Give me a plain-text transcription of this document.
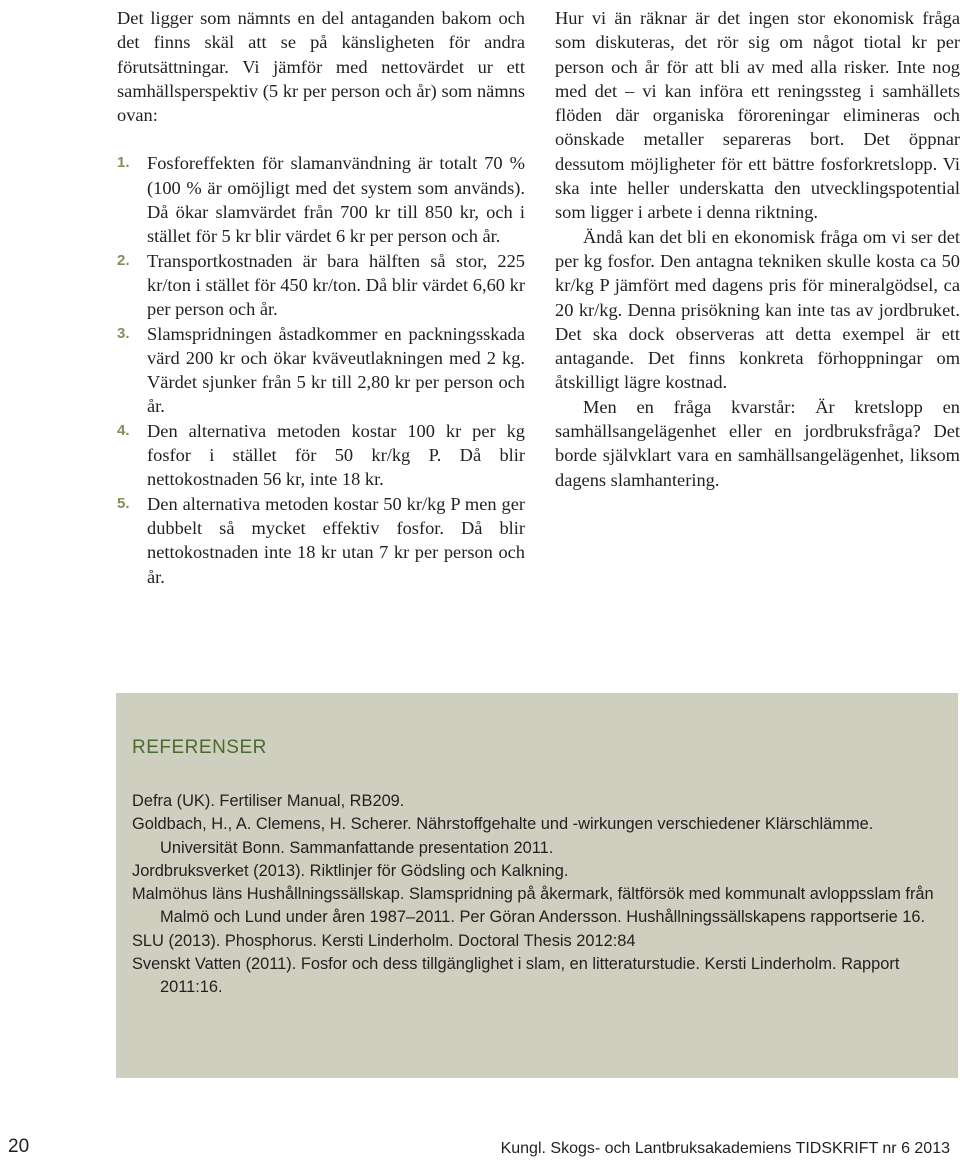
Det ligger som nämnts en del antaganden bakom och det finns skäl att se på känsligheten för andra förutsättningar. Vi jämför med nettovärdet ur ett samhällsperspektiv (5 kr per person och år) som nämns ovan:

1. Fosforeffekten för slamanvändning är totalt 70 % (100 % är omöjligt med det system som används). Då ökar slamvärdet från 700 kr till 850 kr, och i stället för 5 kr blir värdet 6 kr per person och år.
2. Transportkostnaden är bara hälften så stor, 225 kr/ton i stället för 450 kr/ton. Då blir värdet 6,60 kr per person och år.
3. Slamspridningen åstadkommer en packningsskada värd 200 kr och ökar kväveutlakningen med 2 kg. Värdet sjunker från 5 kr till 2,80 kr per person och år.
4. Den alternativa metoden kostar 100 kr per kg fosfor i stället för 50 kr/kg P. Då blir nettokostnaden 56 kr, inte 18 kr.
5. Den alternativa metoden kostar 50 kr/kg P men ger dubbelt så mycket effektiv fosfor. Då blir nettokostnaden inte 18 kr utan 7 kr per person och år.

Hur vi än räknar är det ingen stor ekonomisk fråga som diskuteras, det rör sig om något tiotal kr per person och år för att bli av med alla risker. Inte nog med det – vi kan införa ett reningssteg i samhällets flöden där organiska föroreningar elimineras och oönskade metaller separeras bort. Det öppnar dessutom möjligheter för ett bättre fosforkretslopp. Vi ska inte heller underskatta den utvecklingspotential som ligger i arbete i denna riktning.

Ändå kan det bli en ekonomisk fråga om vi ser det per kg fosfor. Den antagna tekniken skulle kosta ca 50 kr/kg P jämfört med dagens pris för mineralgödsel, ca 20 kr/kg. Denna prisökning kan inte tas av jordbruket. Det ska dock observeras att detta exempel är ett antagande. Det finns konkreta förhoppningar om åtskilligt lägre kostnad.

Men en fråga kvarstår: Är kretslopp en samhällsangelägenhet eller en jordbruksfråga? Det borde självklart vara en samhällsangelägenhet, liksom dagens slamhantering.

REFERENSER
Defra (UK). Fertiliser Manual, RB209.
Goldbach, H., A. Clemens, H. Scherer. Nährstoffgehalte und -wirkungen verschiedener Klärschlämme. Universität Bonn. Sammanfattande presentation 2011.
Jordbruksverket (2013). Riktlinjer för Gödsling och Kalkning.
Malmöhus läns Hushållningssällskap. Slamspridning på åkermark, fältförsök med kommunalt avloppsslam från Malmö och Lund under åren 1987–2011. Per Göran Andersson. Hushållningssällskapens rapportserie 16.
SLU (2013). Phosphorus. Kersti Linderholm. Doctoral Thesis 2012:84
Svenskt Vatten (2011). Fosfor och dess tillgänglighet i slam, en litteraturstudie. Kersti Linderholm. Rapport 2011:16.
20	Kungl. Skogs- och Lantbruksakademiens TIDSKRIFT nr 6 2013
